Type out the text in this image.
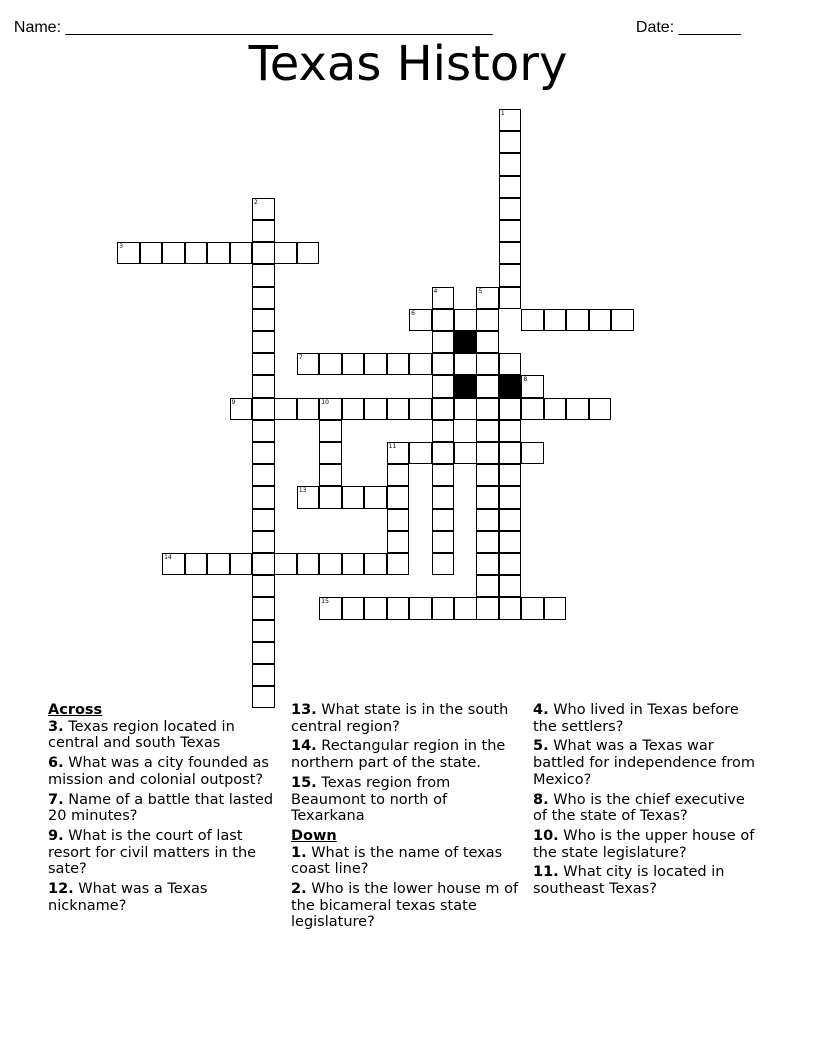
Name: ________________________________________________	Date: _______

Texas History
1
2
3
4	5
6
7
8
9	10
11
13
14
15
Across
3. Texas region located in central and south Texas
6. What was a city founded as mission and colonial outpost?
7. Name of a battle that lasted 20 minutes?
9. What is the court of last resort for civil matters in the sate?
12. What was a Texas nickname?
13. What state is in the south central region?
14. Rectangular region in the northern part of the state.
15. Texas region from Beaumont to north of Texarkana
Down
1. What is the name of texas coast line?
2. Who is the lower house m of the bicameral texas state legislature?
4. Who lived in Texas before the settlers?
5. What was a Texas war battled for independence from Mexico?
8. Who is the chief executive of the state of Texas?
10. Who is the upper house of the state legislature?
11. What city is located in southeast Texas?
